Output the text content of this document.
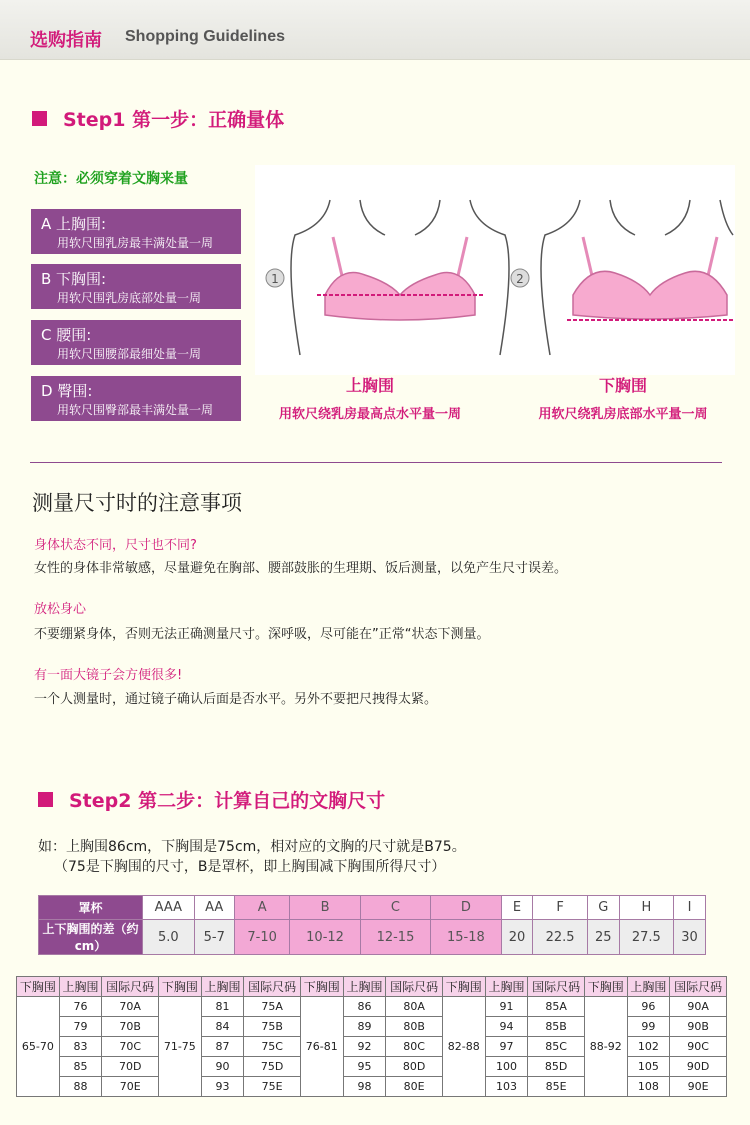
选购指南 Shopping Guidelines
Step1 第一步：正确量体
注意：必须穿着文胸来量
A 上胸围:
用软尺围乳房最丰满处量一周
B 下胸围:
用软尺围乳房底部处量一周
C 腰围:
用软尺围腰部最细处量一周
D 臀围:
用软尺围臀部最丰满处量一周
1	2
上胸围
用软尺绕乳房最高点水平量一周
下胸围
用软尺绕乳房底部水平量一周
测量尺寸时的注意事项
身体状态不同，尺寸也不同?
女性的身体非常敏感，尽量避免在胸部、腰部鼓胀的生理期、饭后测量，以免产生尺寸误差。
放松身心
不要绷紧身体，否则无法正确测量尺寸。深呼吸，尽可能在”正常“状态下测量。
有一面大镜子会方便很多!
一个人测量时，通过镜子确认后面是否水平。另外不要把尺拽得太紧。
Step2 第二步：计算自己的文胸尺寸
如：上胸围86cm，下胸围是75cm，相对应的文胸的尺寸就是B75。
（75是下胸围的尺寸，B是罩杯，即上胸围减下胸围所得尺寸）
罩杯	AAA	AA	A	B	C	D	E	F	G	H	I
上下胸围的差（约cm）	5.0	5-7	7-10	10-12	12-15	15-18	20	22.5	25	27.5	30
下胸围	上胸围	国际尺码	下胸围	上胸围	国际尺码	下胸围	上胸围	国际尺码	下胸围	上胸围	国际尺码	下胸围	上胸围	国际尺码
65-70	76	70A	71-75	81	75A	76-81	86	80A	82-88	91	85A	88-92	96	90A
	79	70B		84	75B		89	80B		94	85B		99	90B
	83	70C		87	75C		92	80C		97	85C		102	90C
	85	70D		90	75D		95	80D		100	85D		105	90D
	88	70E		93	75E		98	80E		103	85E		108	90E
